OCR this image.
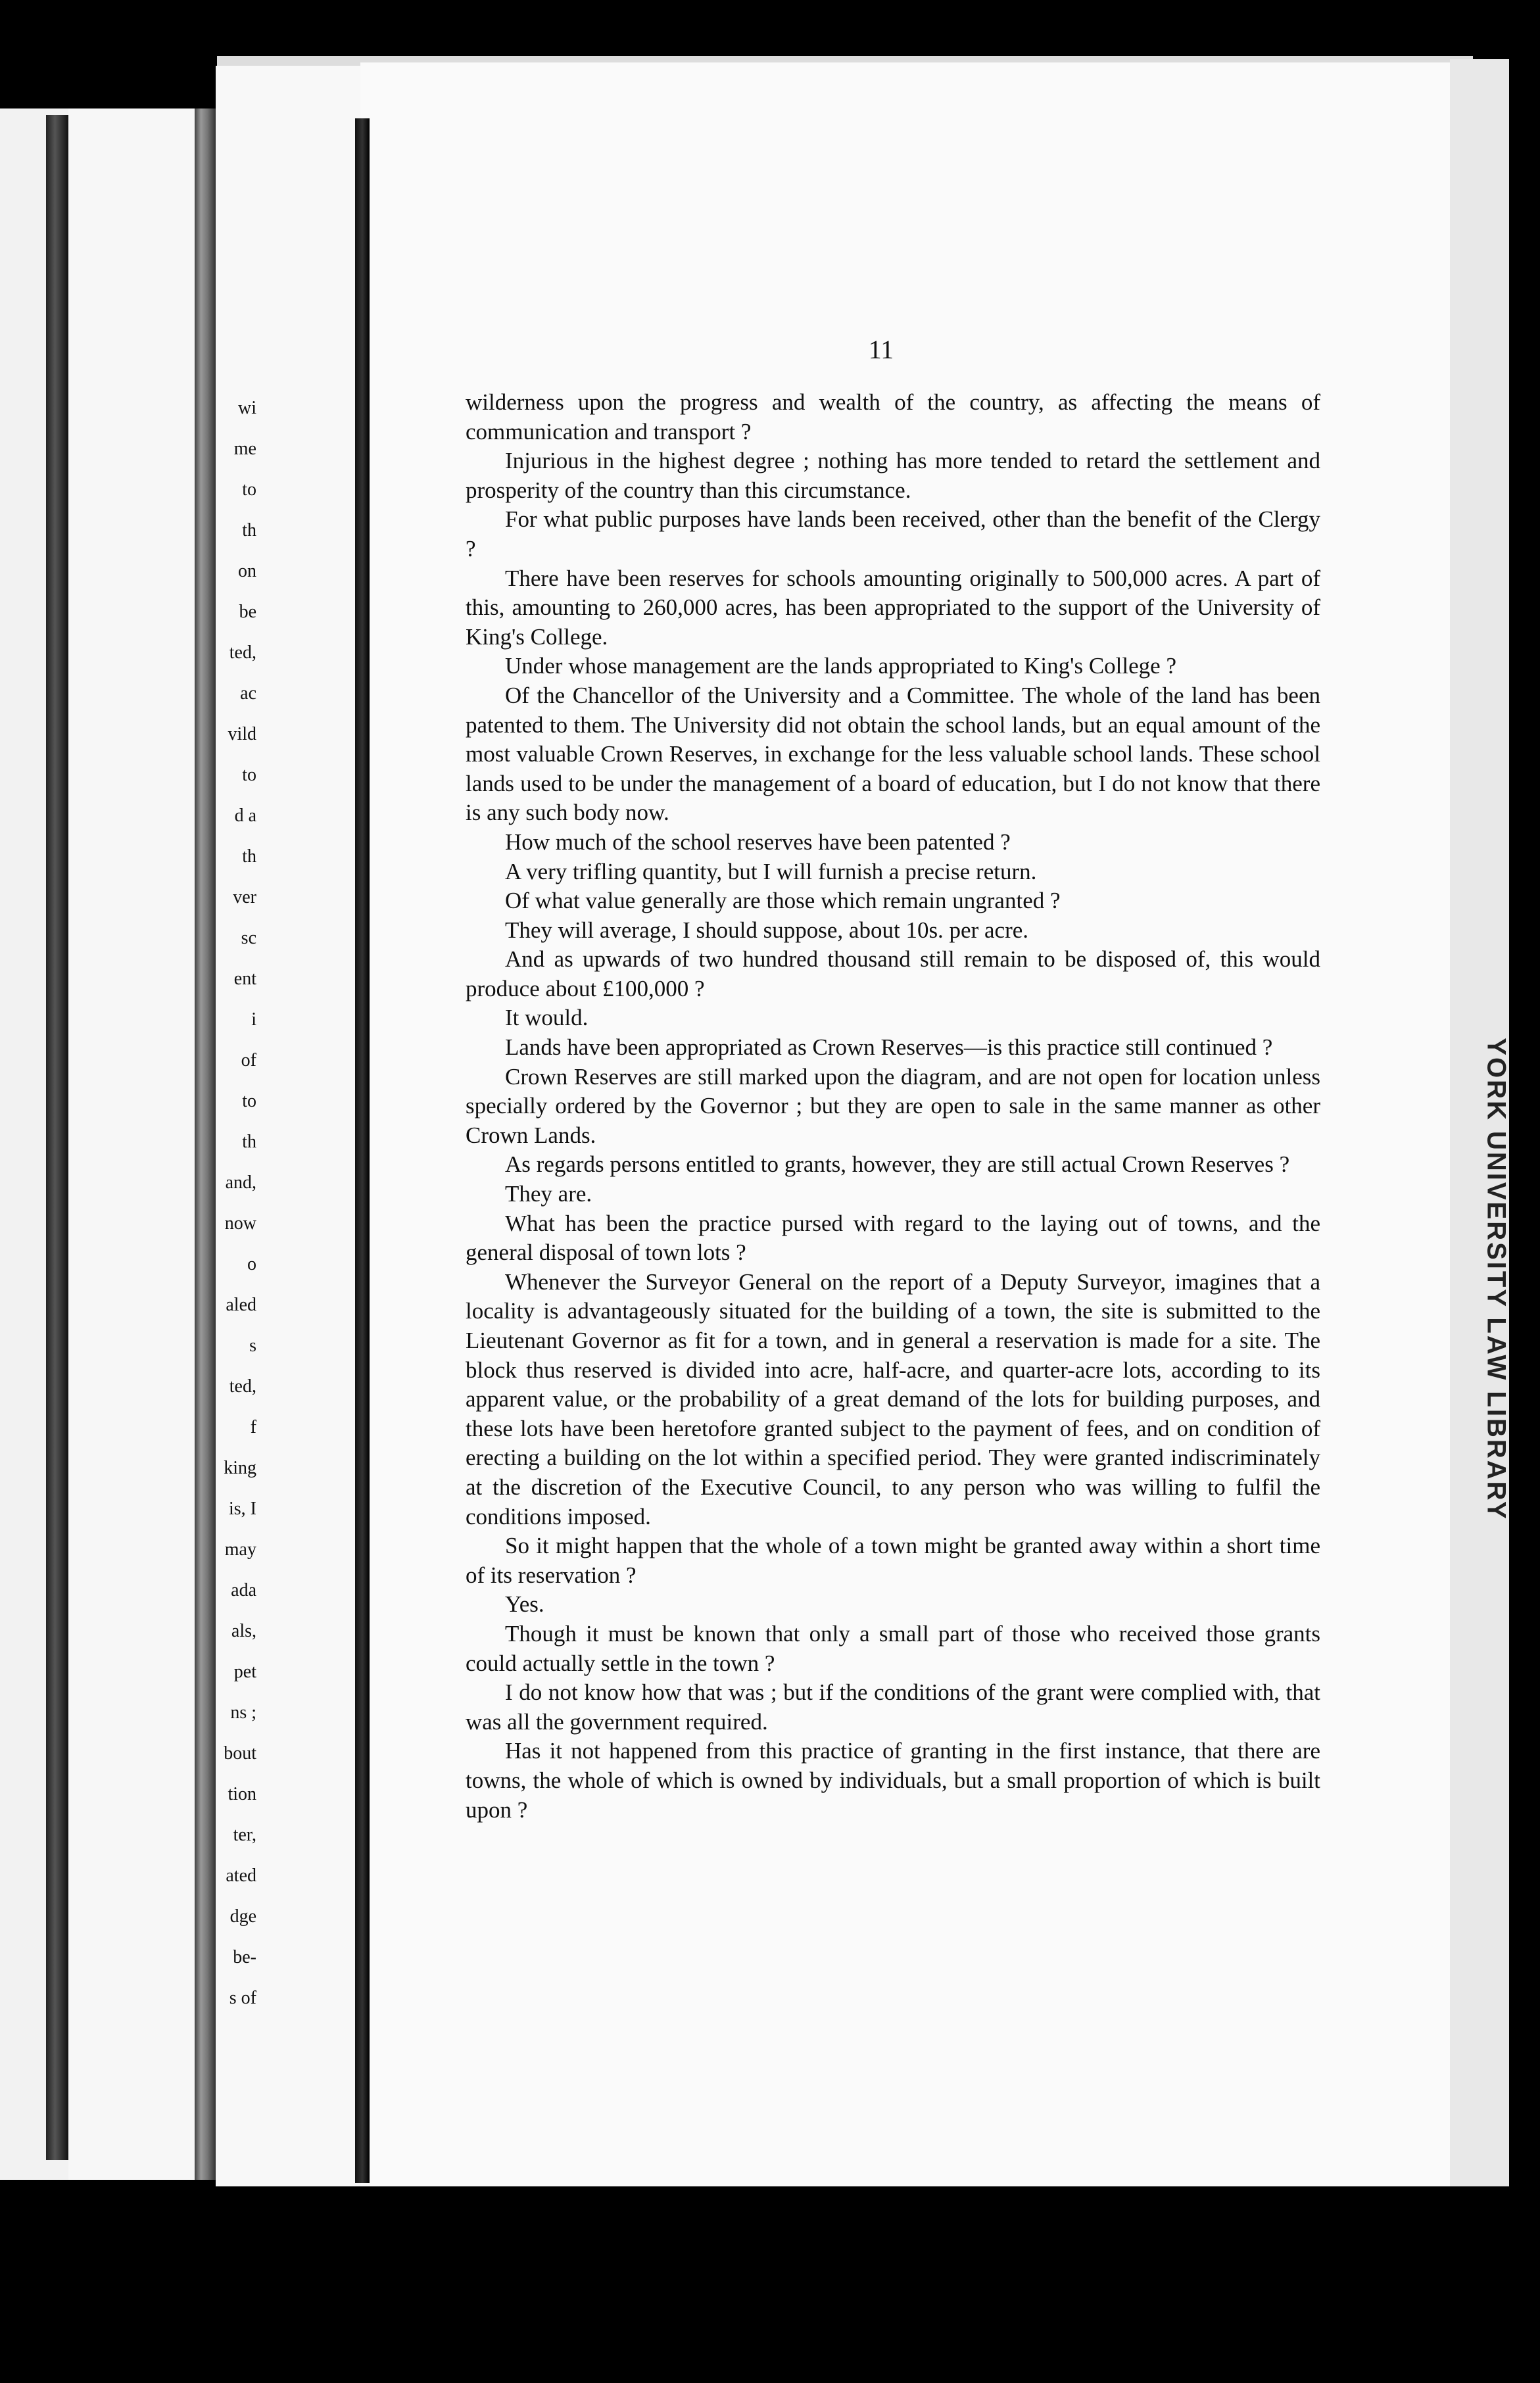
wi
me
to
th
on
be
ted,
ac
vild
to
d a
th
ver
sc
ent
i
of
to
th
and,
now
o
aled
s
ted,
f
king
is, I
may
ada
als,
pet
ns ;
bout
tion
ter,
ated
dge
be-
s of
YORK UNIVERSITY LAW LIBRARY
11

wilderness upon the progress and wealth of the country, as affecting the means of communication and transport ?

Injurious in the highest degree ; nothing has more tended to retard the settlement and prosperity of the country than this circumstance.

For what public purposes have lands been received, other than the benefit of the Clergy ?

There have been reserves for schools amounting originally to 500,000 acres. A part of this, amounting to 260,000 acres, has been appropriated to the support of the University of King's College.

Under whose management are the lands appropriated to King's College ?

Of the Chancellor of the University and a Committee. The whole of the land has been patented to them. The University did not obtain the school lands, but an equal amount of the most valuable Crown Reserves, in exchange for the less valuable school lands. These school lands used to be under the management of a board of education, but I do not know that there is any such body now.

How much of the school reserves have been patented ?

A very trifling quantity, but I will furnish a precise return.

Of what value generally are those which remain ungranted ?

They will average, I should suppose, about 10s. per acre.

And as upwards of two hundred thousand still remain to be disposed of, this would produce about £100,000 ?

It would.

Lands have been appropriated as Crown Reserves—is this practice still continued ?

Crown Reserves are still marked upon the diagram, and are not open for location unless specially ordered by the Governor ; but they are open to sale in the same manner as other Crown Lands.

As regards persons entitled to grants, however, they are still actual Crown Reserves ?

They are.

What has been the practice pursed with regard to the laying out of towns, and the general disposal of town lots ?

Whenever the Surveyor General on the report of a Deputy Surveyor, imagines that a locality is advantageously situated for the building of a town, the site is submitted to the Lieutenant Governor as fit for a town, and in general a reservation is made for a site. The block thus reserved is divided into acre, half-acre, and quarter-acre lots, according to its apparent value, or the probability of a great demand of the lots for building purposes, and these lots have been heretofore granted subject to the payment of fees, and on condition of erecting a building on the lot within a specified period. They were granted indiscriminately at the discretion of the Executive Council, to any person who was willing to fulfil the conditions imposed.

So it might happen that the whole of a town might be granted away within a short time of its reservation ?

Yes.

Though it must be known that only a small part of those who received those grants could actually settle in the town ?

I do not know how that was ; but if the conditions of the grant were complied with, that was all the government required.

Has it not happened from this practice of granting in the first instance, that there are towns, the whole of which is owned by individuals, but a small proportion of which is built upon ?
